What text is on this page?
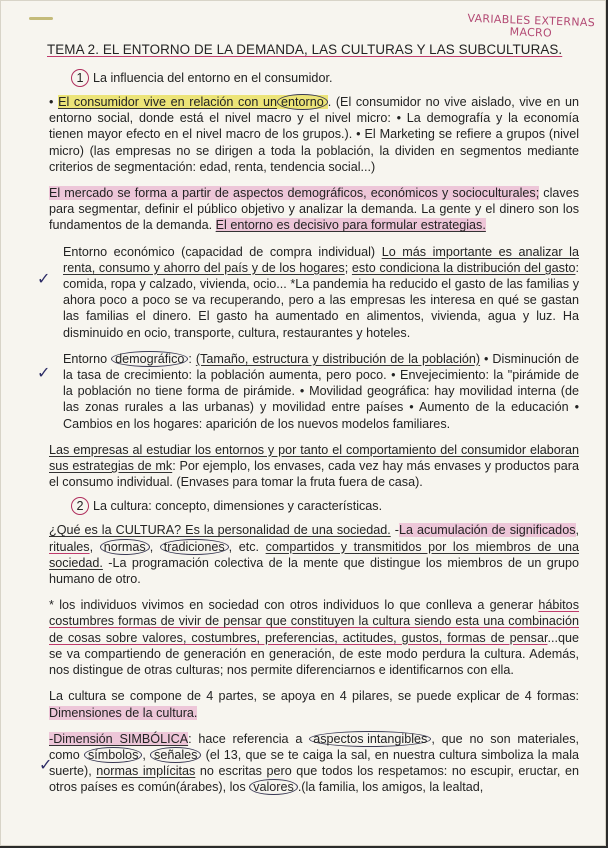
VARIABLES EXTERNAS
MACRO
✓
✓
✓

TEMA 2. EL ENTORNO DE LA DEMANDA, LAS CULTURAS Y LAS SUBCULTURAS.

1 La influencia del entorno en el consumidor.

• El consumidor vive en relación con un entorno . (El consumidor no vive aislado, vive en un entorno social, donde está el nivel macro y el nivel micro: • La demografía y la economía tienen mayor efecto en el nivel macro de los grupos.). • El Marketing se refiere a grupos (nivel micro) (las empresas no se dirigen a toda la población, la dividen en segmentos mediante criterios de segmentación: edad, renta, tendencia social...)

El mercado se forma a partir de aspectos demográficos, económicos y socioculturales; claves para segmentar, definir el público objetivo y analizar la demanda. La gente y el dinero son los fundamentos de la demanda. El entorno es decisivo para formular estrategias.

Entorno económico (capacidad de compra individual) Lo más importante es analizar la renta, consumo y ahorro del país y de los hogares; esto condiciona la distribución del gasto: comida, ropa y calzado, vivienda, ocio... *La pandemia ha reducido el gasto de las familias y ahora poco a poco se va recuperando, pero a las empresas les interesa en qué se gastan las familias el dinero. El gasto ha aumentado en alimentos, vivienda, agua y luz. Ha disminuido en ocio, transporte, cultura, restaurantes y hoteles.

Entorno demográfico : (Tamaño, estructura y distribución de la población) • Disminución de la tasa de crecimiento: la población aumenta, pero poco. • Envejecimiento: la "pirámide de la población no tiene forma de pirámide. • Movilidad geográfica: hay movilidad interna (de las zonas rurales a las urbanas) y movilidad entre países • Aumento de la educación • Cambios en los hogares: aparición de los nuevos modelos familiares.

Las empresas al estudiar los entornos y por tanto el comportamiento del consumidor elaboran sus estrategias de mk: Por ejemplo, los envases, cada vez hay más envases y productos para el consumo individual. (Envases para tomar la fruta fuera de casa).

2 La cultura: concepto, dimensiones y características.

¿Qué es la CULTURA? Es la personalidad de una sociedad. -La acumulación de significados, rituales, normas , tradiciones , etc. compartidos y transmitidos por los miembros de una sociedad. -La programación colectiva de la mente que distingue los miembros de un grupo humano de otro.

* los individuos vivimos en sociedad con otros individuos lo que conlleva a generar hábitos costumbres formas de vivir de pensar que constituyen la cultura siendo esta una combinación de cosas sobre valores, costumbres, preferencias, actitudes, gustos, formas de pensar...que se va compartiendo de generación en generación, de este modo perdura la cultura. Además, nos distingue de otras culturas; nos permite diferenciarnos e identificarnos con ella.

La cultura se compone de 4 partes, se apoya en 4 pilares, se puede explicar de 4 formas: Dimensiones de la cultura.

-Dimensión SIMBÓLICA: hace referencia a aspectos intangibles , que no son materiales, como símbolos , señales (el 13, que se te caiga la sal, en nuestra cultura simboliza la mala suerte), normas implícitas no escritas pero que todos los respetamos: no escupir, eructar, en otros países es común(árabes), los valores .(la familia, los amigos, la lealtad,
